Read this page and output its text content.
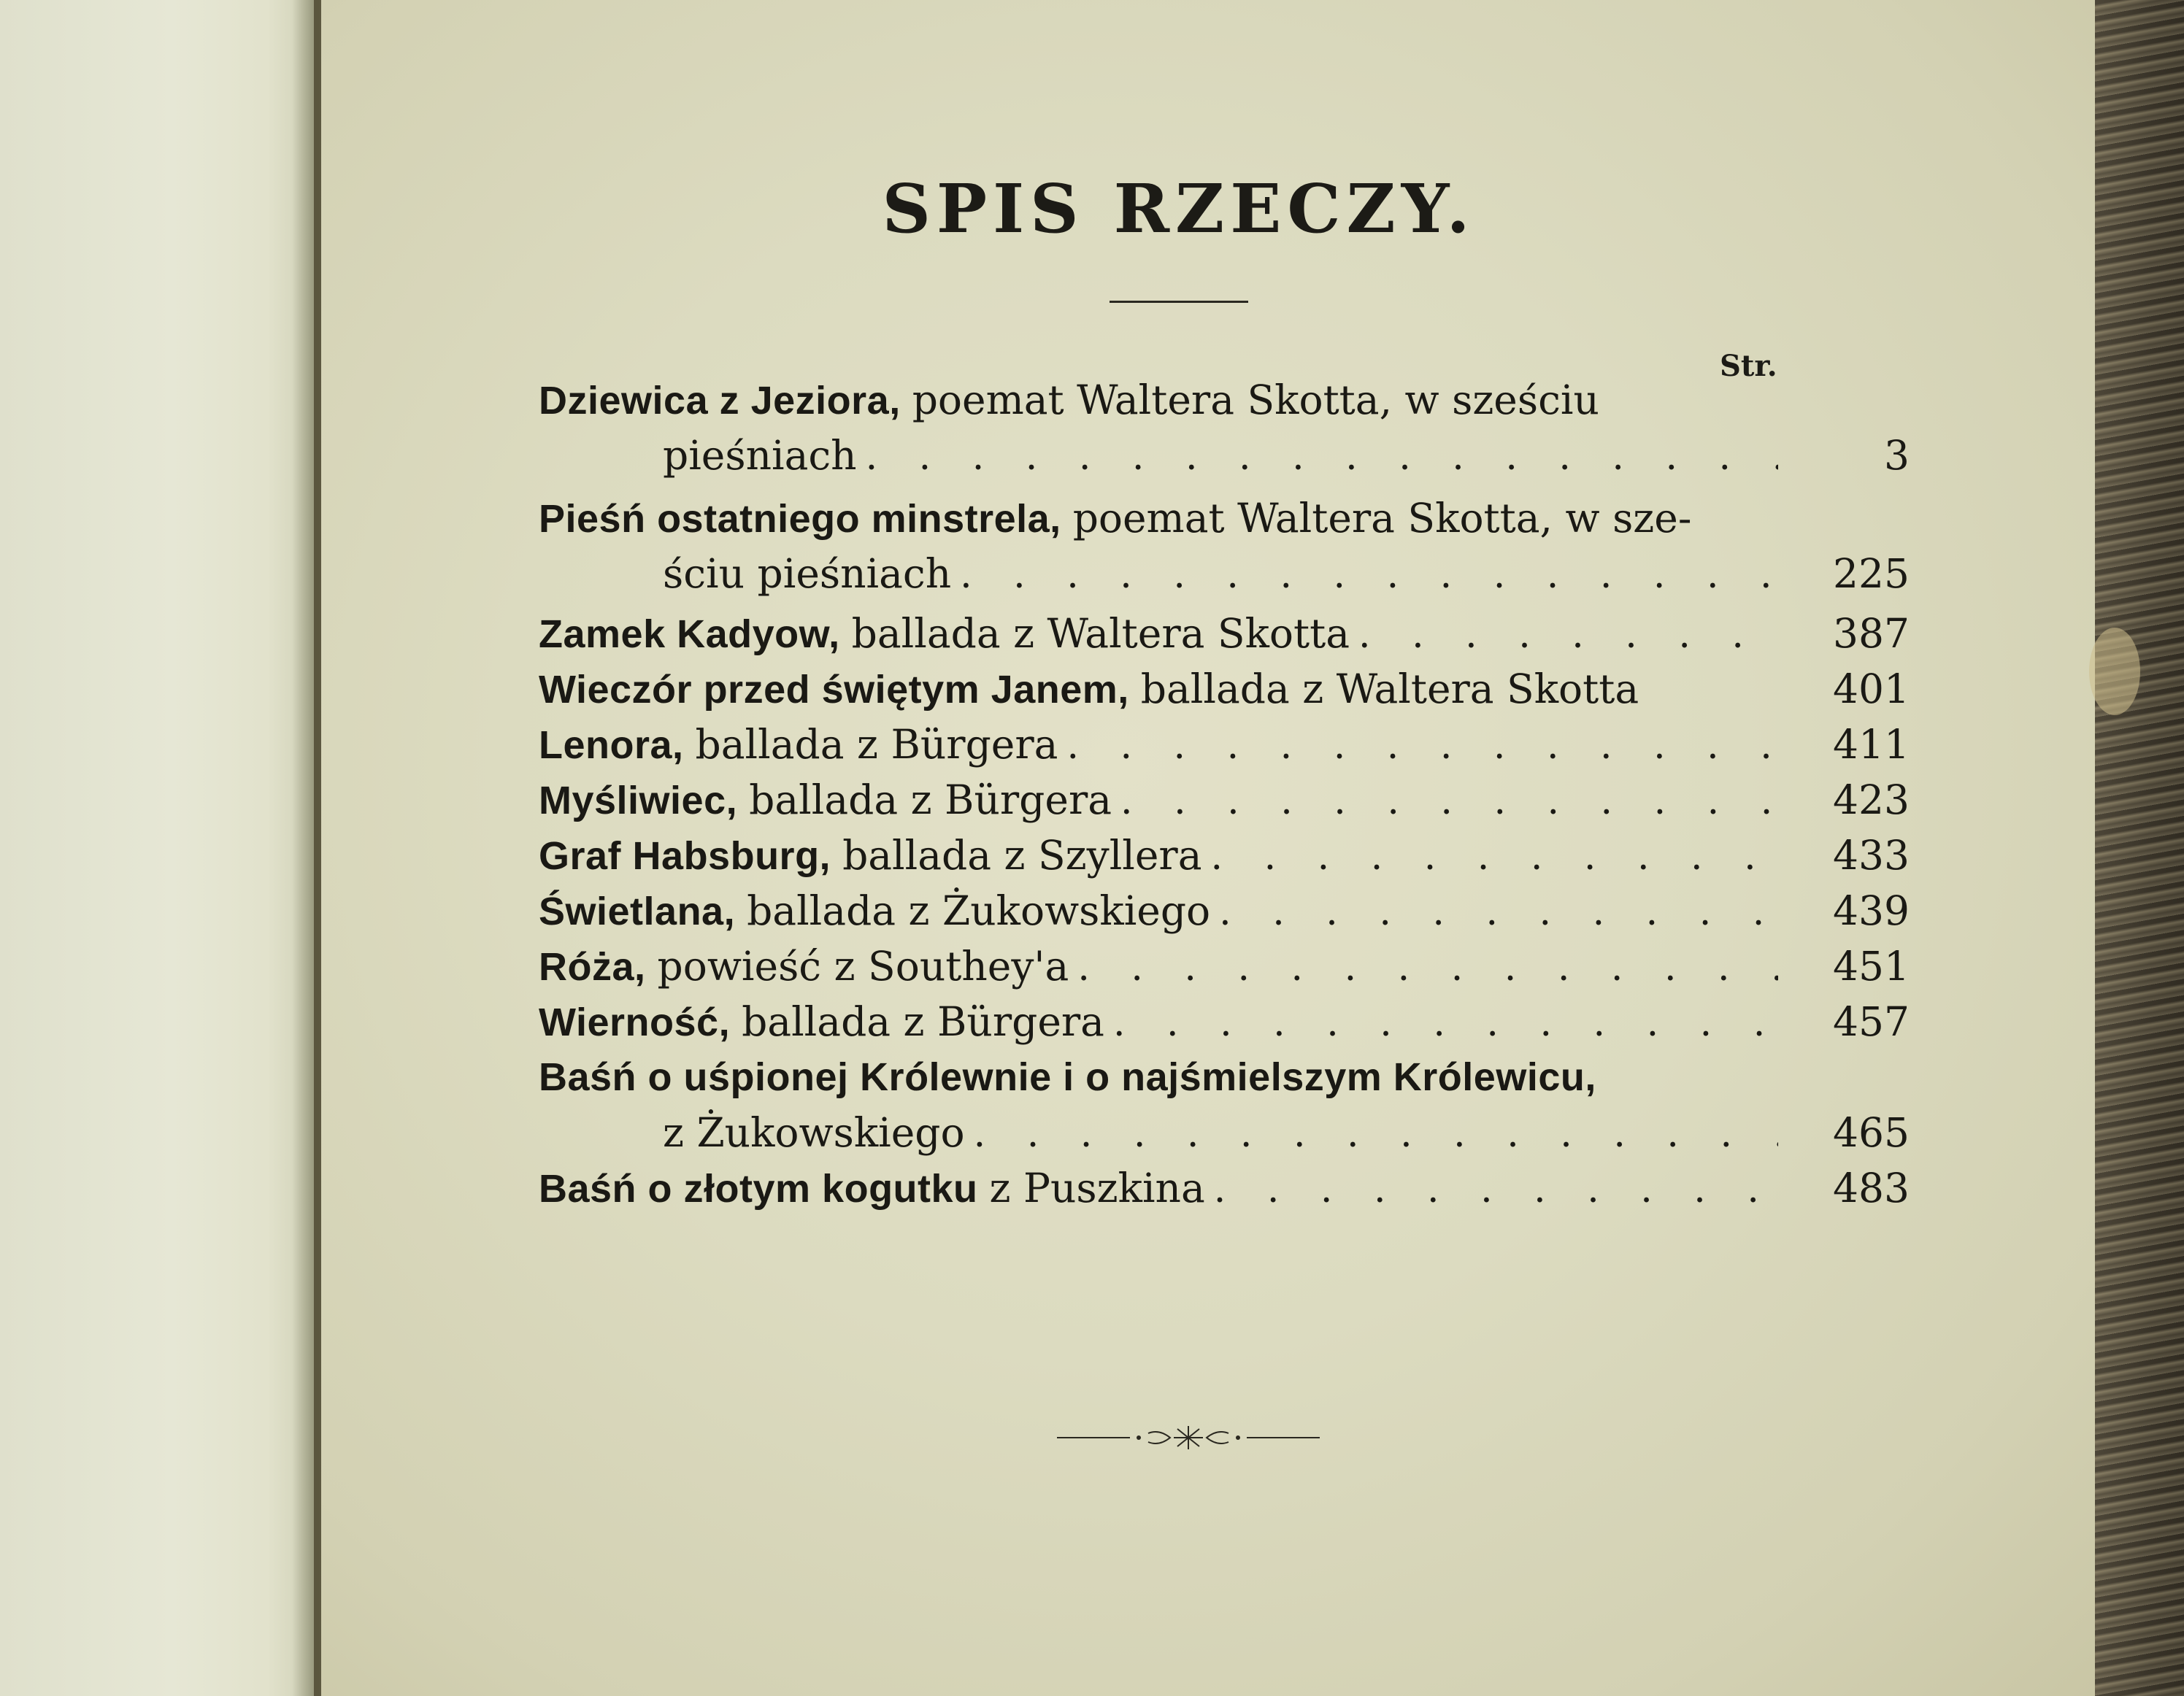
SPIS RZECZY.
Str.
Dziewica z Jeziora, poemat Waltera Skotta, w sześciu
pieśniach . . .	3
Pieśń ostatniego minstrela, poemat Waltera Skotta, w sze-
ściu pieśniach . . .	225
Zamek Kadyow, ballada z Waltera Skotta . . .	387
Wieczór przed świętym Janem, ballada z Waltera Skotta	401
Lenora, ballada z Bürgera . . .	411
Myśliwiec, ballada z Bürgera . . .	423
Graf Habsburg, ballada z Szyllera . . .	433
Świetlana, ballada z Żukowskiego . . .	439
Róża, powieść z Southey'a . . .	451
Wierność, ballada z Bürgera . . .	457
Baśń o uśpionej Królewnie i o najśmielszym Królewicu,
z Żukowskiego . . .	465
Baśń o złotym kogutku z Puszkina . . .	483
